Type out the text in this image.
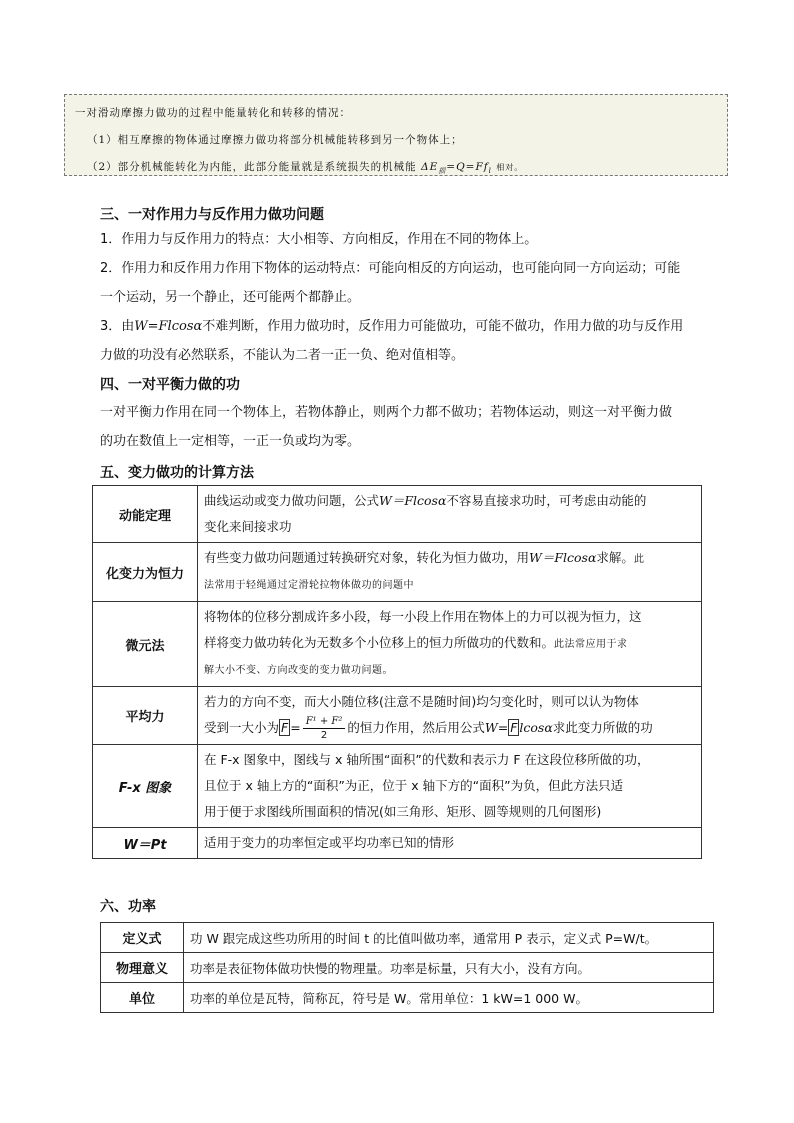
一对滑动摩擦力做功的过程中能量转化和转移的情况：
（1）相互摩擦的物体通过摩擦力做功将部分机械能转移到另一个物体上；
（2）部分机械能转化为内能，此部分能量就是系统损失的机械能 $\Delta E_损=Q=Ff_l$ 相对。
三、一对作用力与反作用力做功问题
1．作用力与反作用力的特点：大小相等、方向相反，作用在不同的物体上。
2．作用力和反作用力作用下物体的运动特点：可能向相反的方向运动，也可能向同一方向运动；可能
一个运动，另一个静止，还可能两个都静止。
3．由W=Flcosα不难判断，作用力做功时，反作用力可能做功，可能不做功，作用力做的功与反作用
力做的功没有必然联系，不能认为二者一正一负、绝对值相等。
四、一对平衡力做的功
一对平衡力作用在同一个物体上，若物体静止，则两个力都不做功；若物体运动，则这一对平衡力做
的功在数值上一定相等，一正一负或均为零。
五、变力做功的计算方法
动能定理	曲线运动或变力做功问题，公式W＝Flcosα不容易直接求功时，可考虑由动能的
变化来间接求功

化变力为恒力	有些变力做功问题通过转换研究对象，转化为恒力做功，用W＝Flcosα求解。此
法常用于轻绳通过定滑轮拉物体做功的问题中

微元法	将物体的位移分割成许多小段，每一小段上作用在物体上的力可以视为恒力，这
样将变力做功转化为无数多个小位移上的恒力所做功的代数和。此法常应用于求
解大小不变、方向改变的变力做功问题。

平均力	若力的方向不变，而大小随位移(注意不是随时间)均匀变化时，则可以认为物体
受到一大小为 $F = \frac{\text{F¹ + F²}}{2}$ 的恒力作用，然后用公式W= F lcosα求此变力所做的功

F-x 图象	在 F-x 图象中，图线与 x 轴所围“面积”的代数和表示力 F 在这段位移所做的功，
且位于 x 轴上方的“面积”为正，位于 x 轴下方的“面积”为负，但此方法只适
用于便于求图线所围面积的情况(如三角形、矩形、圆等规则的几何图形)

W＝Pt	适用于变力的功率恒定或平均功率已知的情形
六、功率
定义式	功 W 跟完成这些功所用的时间 t 的比值叫做功率，通常用 P 表示，定义式 P=W/t。
物理意义	功率是表征物体做功快慢的物理量。功率是标量，只有大小，没有方向。
单位	功率的单位是瓦特，简称瓦，符号是 W。常用单位：1 kW=1 000 W。
